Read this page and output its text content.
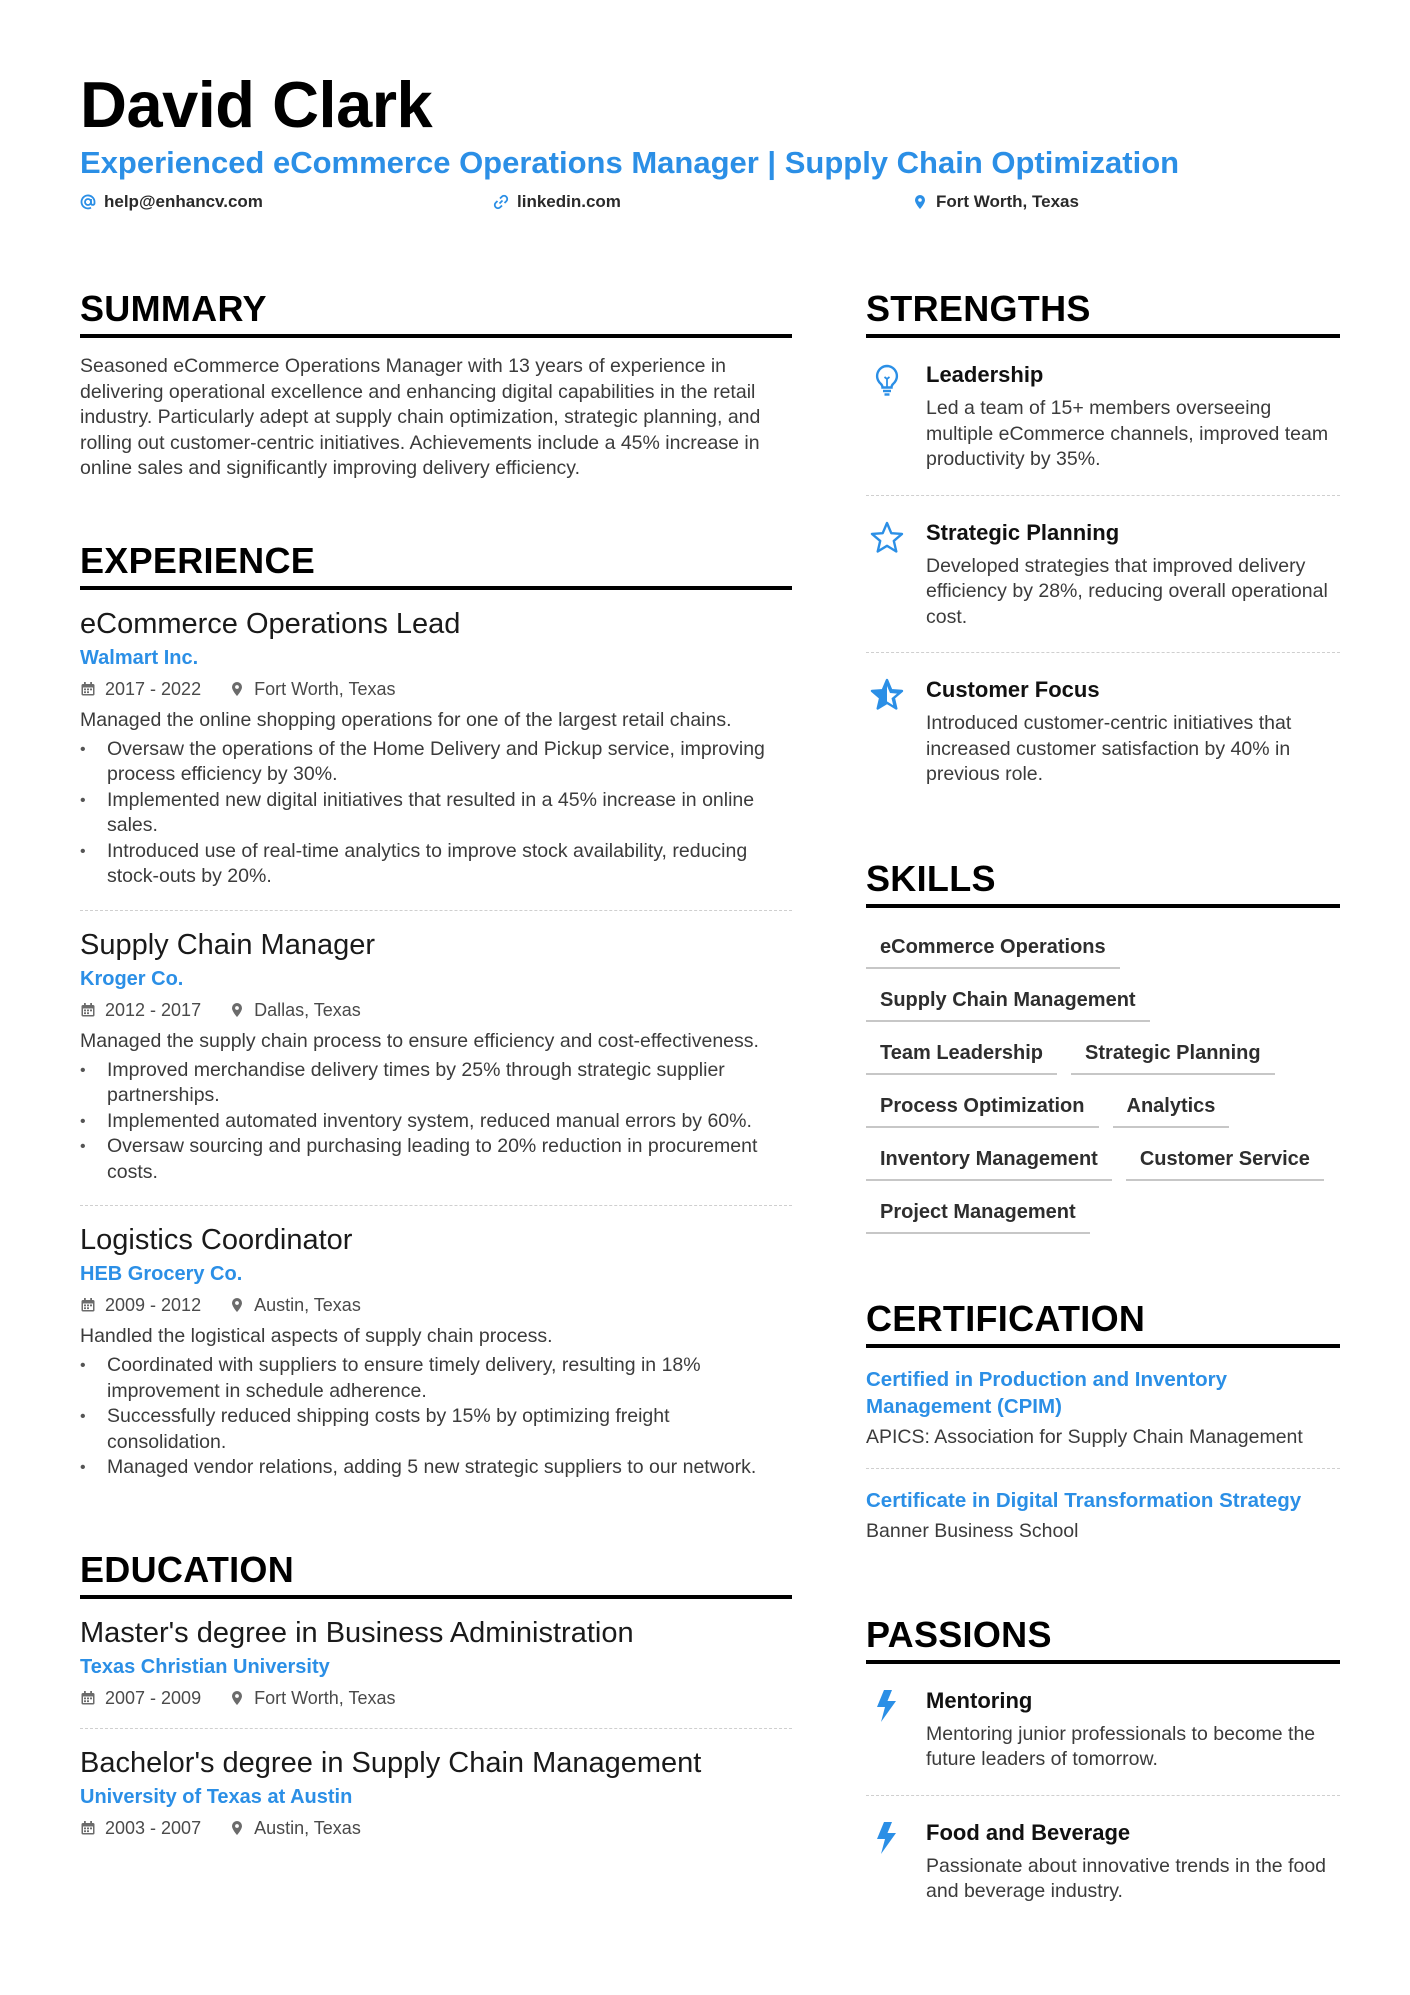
David Clark
Experienced eCommerce Operations Manager | Supply Chain Optimization
help@enhancv.com	linkedin.com	Fort Worth, Texas
SUMMARY
Seasoned eCommerce Operations Manager with 13 years of experience in delivering operational excellence and enhancing digital capabilities in the retail industry. Particularly adept at supply chain optimization, strategic planning, and rolling out customer-centric initiatives. Achievements include a 45% increase in online sales and significantly improving delivery efficiency.
EXPERIENCE
eCommerce Operations Lead
Walmart Inc.
2017 - 2022	Fort Worth, Texas
Managed the online shopping operations for one of the largest retail chains.
• Oversaw the operations of the Home Delivery and Pickup service, improving process efficiency by 30%.
• Implemented new digital initiatives that resulted in a 45% increase in online sales.
• Introduced use of real-time analytics to improve stock availability, reducing stock-outs by 20%.
Supply Chain Manager
Kroger Co.
2012 - 2017	Dallas, Texas
Managed the supply chain process to ensure efficiency and cost-effectiveness.
• Improved merchandise delivery times by 25% through strategic supplier partnerships.
• Implemented automated inventory system, reduced manual errors by 60%.
• Oversaw sourcing and purchasing leading to 20% reduction in procurement costs.
Logistics Coordinator
HEB Grocery Co.
2009 - 2012	Austin, Texas
Handled the logistical aspects of supply chain process.
• Coordinated with suppliers to ensure timely delivery, resulting in 18% improvement in schedule adherence.
• Successfully reduced shipping costs by 15% by optimizing freight consolidation.
• Managed vendor relations, adding 5 new strategic suppliers to our network.
EDUCATION
Master's degree in Business Administration
Texas Christian University
2007 - 2009	Fort Worth, Texas
Bachelor's degree in Supply Chain Management
University of Texas at Austin
2003 - 2007	Austin, Texas
STRENGTHS
Leadership
Led a team of 15+ members overseeing multiple eCommerce channels, improved team productivity by 35%.
Strategic Planning
Developed strategies that improved delivery efficiency by 28%, reducing overall operational cost.
Customer Focus
Introduced customer-centric initiatives that increased customer satisfaction by 40% in previous role.
SKILLS
eCommerce Operations
Supply Chain Management
Team Leadership	Strategic Planning
Process Optimization	Analytics
Inventory Management	Customer Service
Project Management
CERTIFICATION
Certified in Production and Inventory Management (CPIM)
APICS: Association for Supply Chain Management
Certificate in Digital Transformation Strategy
Banner Business School
PASSIONS
Mentoring
Mentoring junior professionals to become the future leaders of tomorrow.
Food and Beverage
Passionate about innovative trends in the food and beverage industry.
